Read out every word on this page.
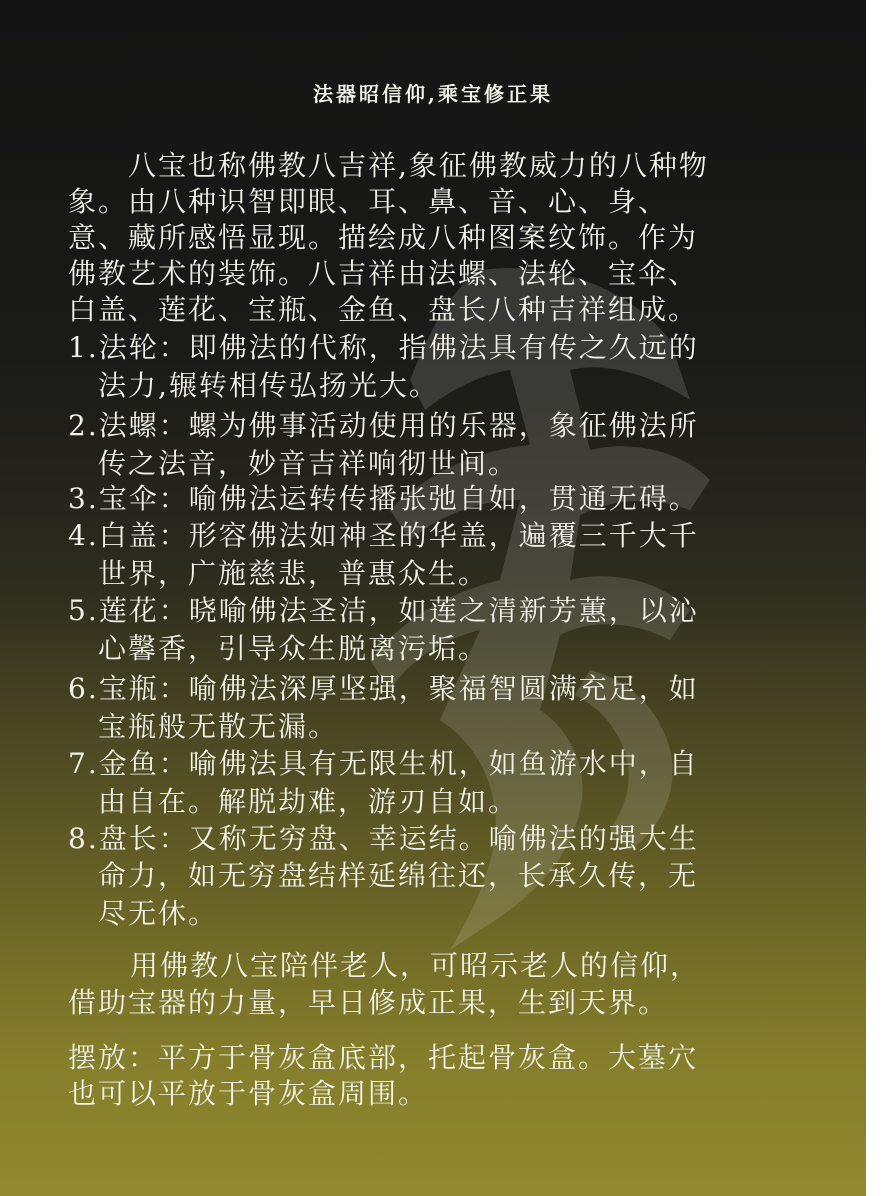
法器昭信仰,乘宝修正果
八宝也称佛教八吉祥,象征佛教威力的八种物
象。由八种识智即眼、耳、鼻、音、心、身、
意、藏所感悟显现。描绘成八种图案纹饰。作为
佛教艺术的装饰。八吉祥由法螺、法轮、宝伞、
白盖、莲花、宝瓶、金鱼、盘长八种吉祥组成。
1.法轮：即佛法的代称，指佛法具有传之久远的
法力,辗转相传弘扬光大。
2.法螺：螺为佛事活动使用的乐器，象征佛法所
传之法音，妙音吉祥响彻世间。
3.宝伞：喻佛法运转传播张弛自如，贯通无碍。
4.白盖：形容佛法如神圣的华盖，遍覆三千大千
世界，广施慈悲，普惠众生。
5.莲花：晓喻佛法圣洁，如莲之清新芳蕙，以沁
心馨香，引导众生脱离污垢。
6.宝瓶：喻佛法深厚坚强，聚福智圆满充足，如
宝瓶般无散无漏。
7.金鱼：喻佛法具有无限生机，如鱼游水中，自
由自在。解脱劫难，游刃自如。
8.盘长：又称无穷盘、幸运结。喻佛法的强大生
命力，如无穷盘结样延绵往还，长承久传，无
尽无休。
用佛教八宝陪伴老人，可昭示老人的信仰，
借助宝器的力量，早日修成正果，生到天界。
摆放：平方于骨灰盒底部，托起骨灰盒。大墓穴
也可以平放于骨灰盒周围。
